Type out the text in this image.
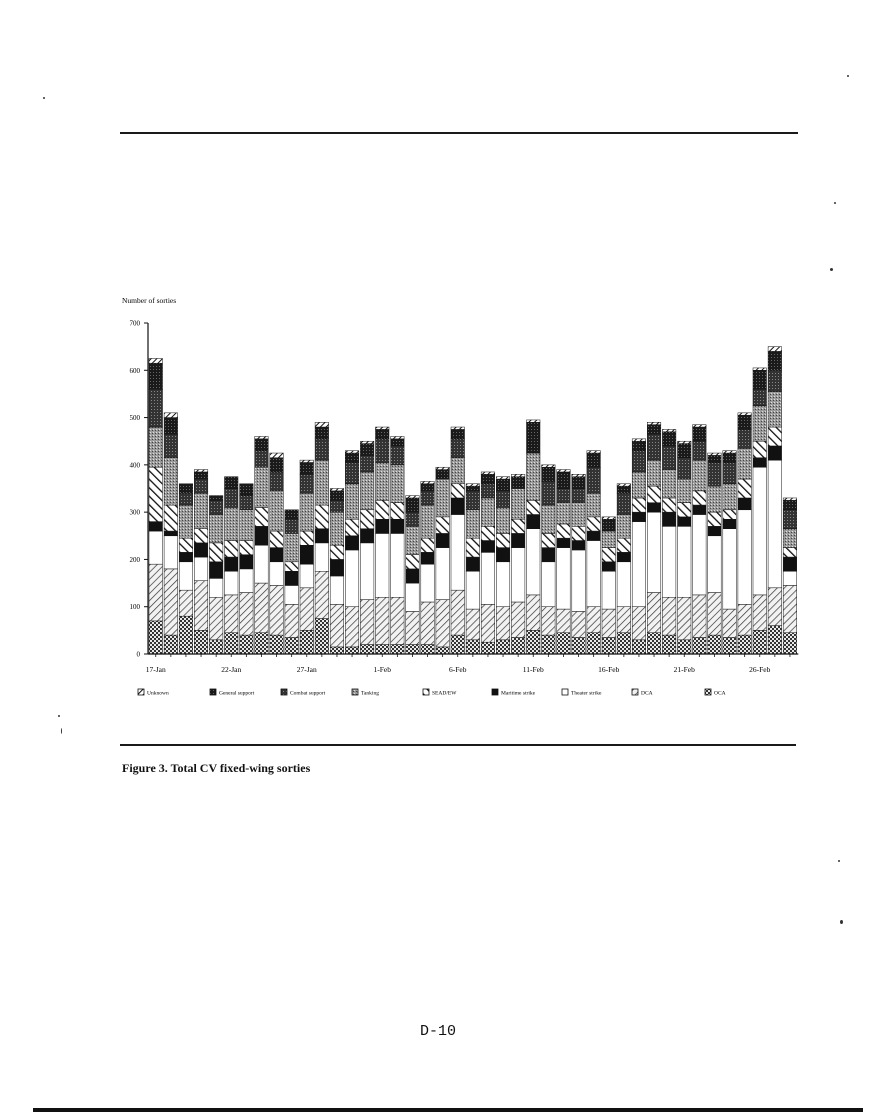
Number of sorties
0
100
200
300
400
500
600
700
17-Jan	22-Jan	27-Jan	1-Feb	6-Feb	11-Feb	16-Feb	21-Feb	26-Feb
Unknown	General support	Combat support	Tanking	SEAD/EW	Maritime strike	Theater strike	DCA	OCA
Figure 3. Total CV fixed-wing sorties
D-10
